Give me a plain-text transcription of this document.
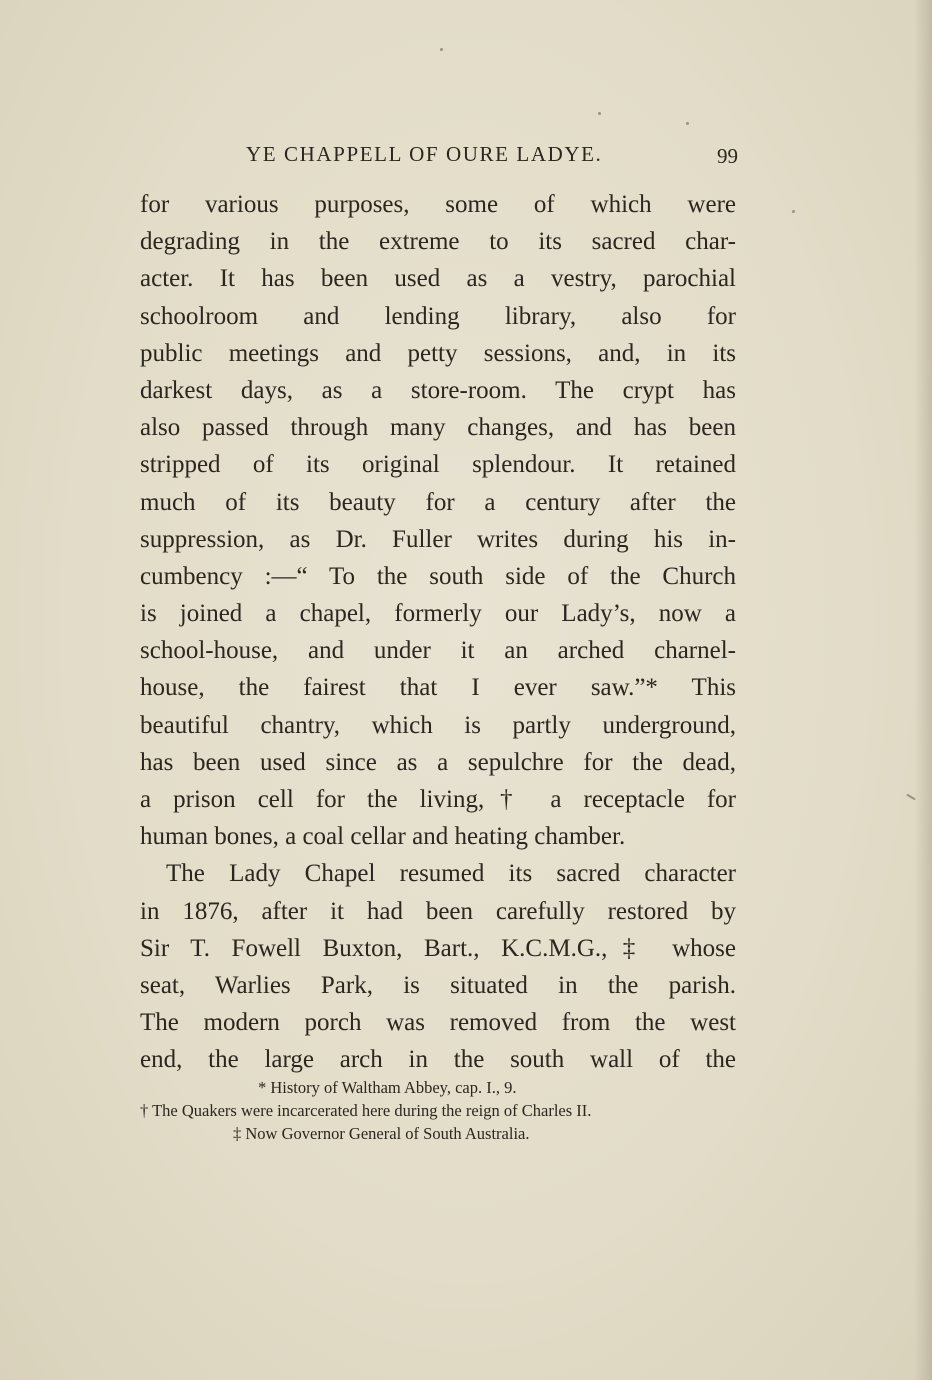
YE CHAPPELL OF OURE LADYE.	99
for various purposes, some of which were
degrading in the extreme to its sacred char-
acter. It has been used as a vestry, parochial
schoolroom and lending library, also for
public meetings and petty sessions, and, in its
darkest days, as a store-room. The crypt has
also passed through many changes, and has been
stripped of its original splendour. It retained
much of its beauty for a century after the
suppression, as Dr. Fuller writes during his in-
cumbency :—“ To the south side of the Church
is joined a chapel, formerly our Lady’s, now a
school-house, and under it an arched charnel-
house, the fairest that I ever saw.”* This
beautiful chantry, which is partly underground,
has been used since as a sepulchre for the dead,
a prison cell for the living,† a receptacle for
human bones, a coal cellar and heating chamber.
The Lady Chapel resumed its sacred character
in 1876, after it had been carefully restored by
Sir T. Fowell Buxton, Bart., K.C.M.G.,‡ whose
seat, Warlies Park, is situated in the parish.
The modern porch was removed from the west
end, the large arch in the south wall of the
* History of Waltham Abbey, cap. I., 9.
† The Quakers were incarcerated here during the reign of Charles II.
‡ Now Governor General of South Australia.
